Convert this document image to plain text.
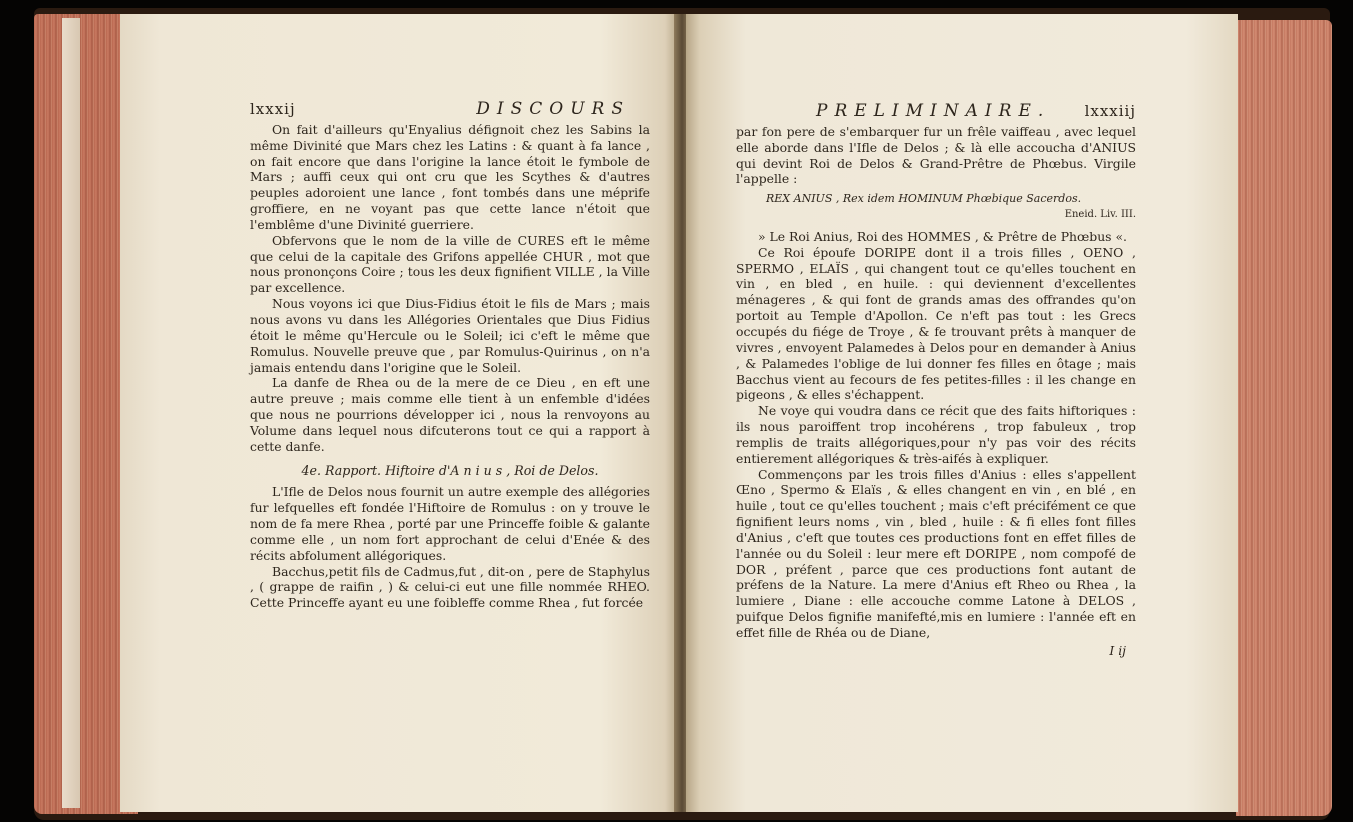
lxxxij	DISCOURS

On fait d'ailleurs qu'Enyalius défignoit chez les Sabins la même Divinité que Mars chez les Latins : & quant à fa lance , on fait encore que dans l'origine la lance étoit le fymbole de Mars ; auffi ceux qui ont cru que les Scythes & d'autres peuples adoroient une lance , font tombés dans une méprife groffiere, en ne voyant pas que cette lance n'étoit que l'emblême d'une Divinité guerriere.

Obfervons que le nom de la ville de CURES eft le même que celui de la capitale des Grifons appellée CHUR , mot que nous prononçons Coire ; tous les deux fignifient VILLE , la Ville par excellence.

Nous voyons ici que Dius-Fidius étoit le fils de Mars ; mais nous avons vu dans les Allégories Orientales que Dius Fidius étoit le même qu'Hercule ou le Soleil; ici c'eft le même que Romulus. Nouvelle preuve que , par Romulus-Quirinus , on n'a jamais entendu dans l'origine que le Soleil.

La danfe de Rhea ou de la mere de ce Dieu , en eft une autre preuve ; mais comme elle tient à un enfemble d'idées que nous ne pourrions développer ici , nous la renvoyons au Volume dans lequel nous difcuterons tout ce qui a rapport à cette danfe.

4e. Rapport. Hiftoire d'A n i u s , Roi de Delos.

L'Ifle de Delos nous fournit un autre exemple des allégories fur lefquelles eft fondée l'Hiftoire de Romulus : on y trouve le nom de fa mere Rhea , porté par une Princeffe foible & galante comme elle , un nom fort approchant de celui d'Enée & des récits abfolument allégoriques.

Bacchus,petit fils de Cadmus,fut , dit-on , pere de Staphylus , ( grappe de raifin , ) & celui-ci eut une fille nommée RHEO. Cette Princeffe ayant eu une foibleffe comme Rhea , fut forcée

PRELIMINAIRE. lxxxiij

par fon pere de s'embarquer fur un frêle vaiffeau , avec lequel elle aborde dans l'Ifle de Delos ; & là elle accoucha d'ANIUS qui devint Roi de Delos & Grand-Prêtre de Phœbus. Virgile l'appelle :

REX ANIUS , Rex idem HOMINUM Phœbique Sacerdos.
Eneid. Liv. III.

» Le Roi Anius, Roi des HOMMES , & Prêtre de Phœbus «.

Ce Roi époufe DORIPE dont il a trois filles , OENO , SPERMO , ELAÏS , qui changent tout ce qu'elles touchent en vin , en bled , en huile. : qui deviennent d'excellentes ménageres , & qui font de grands amas des offrandes qu'on portoit au Temple d'Apollon. Ce n'eft pas tout : les Grecs occupés du fiége de Troye , & fe trouvant prêts à manquer de vivres , envoyent Palamedes à Delos pour en demander à Anius , & Palamedes l'oblige de lui donner fes filles en ôtage ; mais Bacchus vient au fecours de fes petites-filles : il les change en pigeons , & elles s'échappent.

Ne voye qui voudra dans ce récit que des faits hiftoriques : ils nous paroiffent trop incohérens , trop fabuleux , trop remplis de traits allégoriques,pour n'y pas voir des récits entierement allégoriques & très-aifés à expliquer.

Commençons par les trois filles d'Anius : elles s'appellent Œno , Spermo & Elaïs , & elles changent en vin , en blé , en huile , tout ce qu'elles touchent ; mais c'eft précifément ce que fignifient leurs noms , vin , bled , huile : & fi elles font filles d'Anius , c'eft que toutes ces productions font en effet filles de l'année ou du Soleil : leur mere eft DORIPE , nom compofé de DOR , préfent , parce que ces productions font autant de préfens de la Nature. La mere d'Anius eft Rheo ou Rhea , la lumiere , Diane : elle accouche comme Latone à DELOS , puifque Delos fignifie manifefté,mis en lumiere : l'année eft en effet fille de Rhéa ou de Diane,

I ij
